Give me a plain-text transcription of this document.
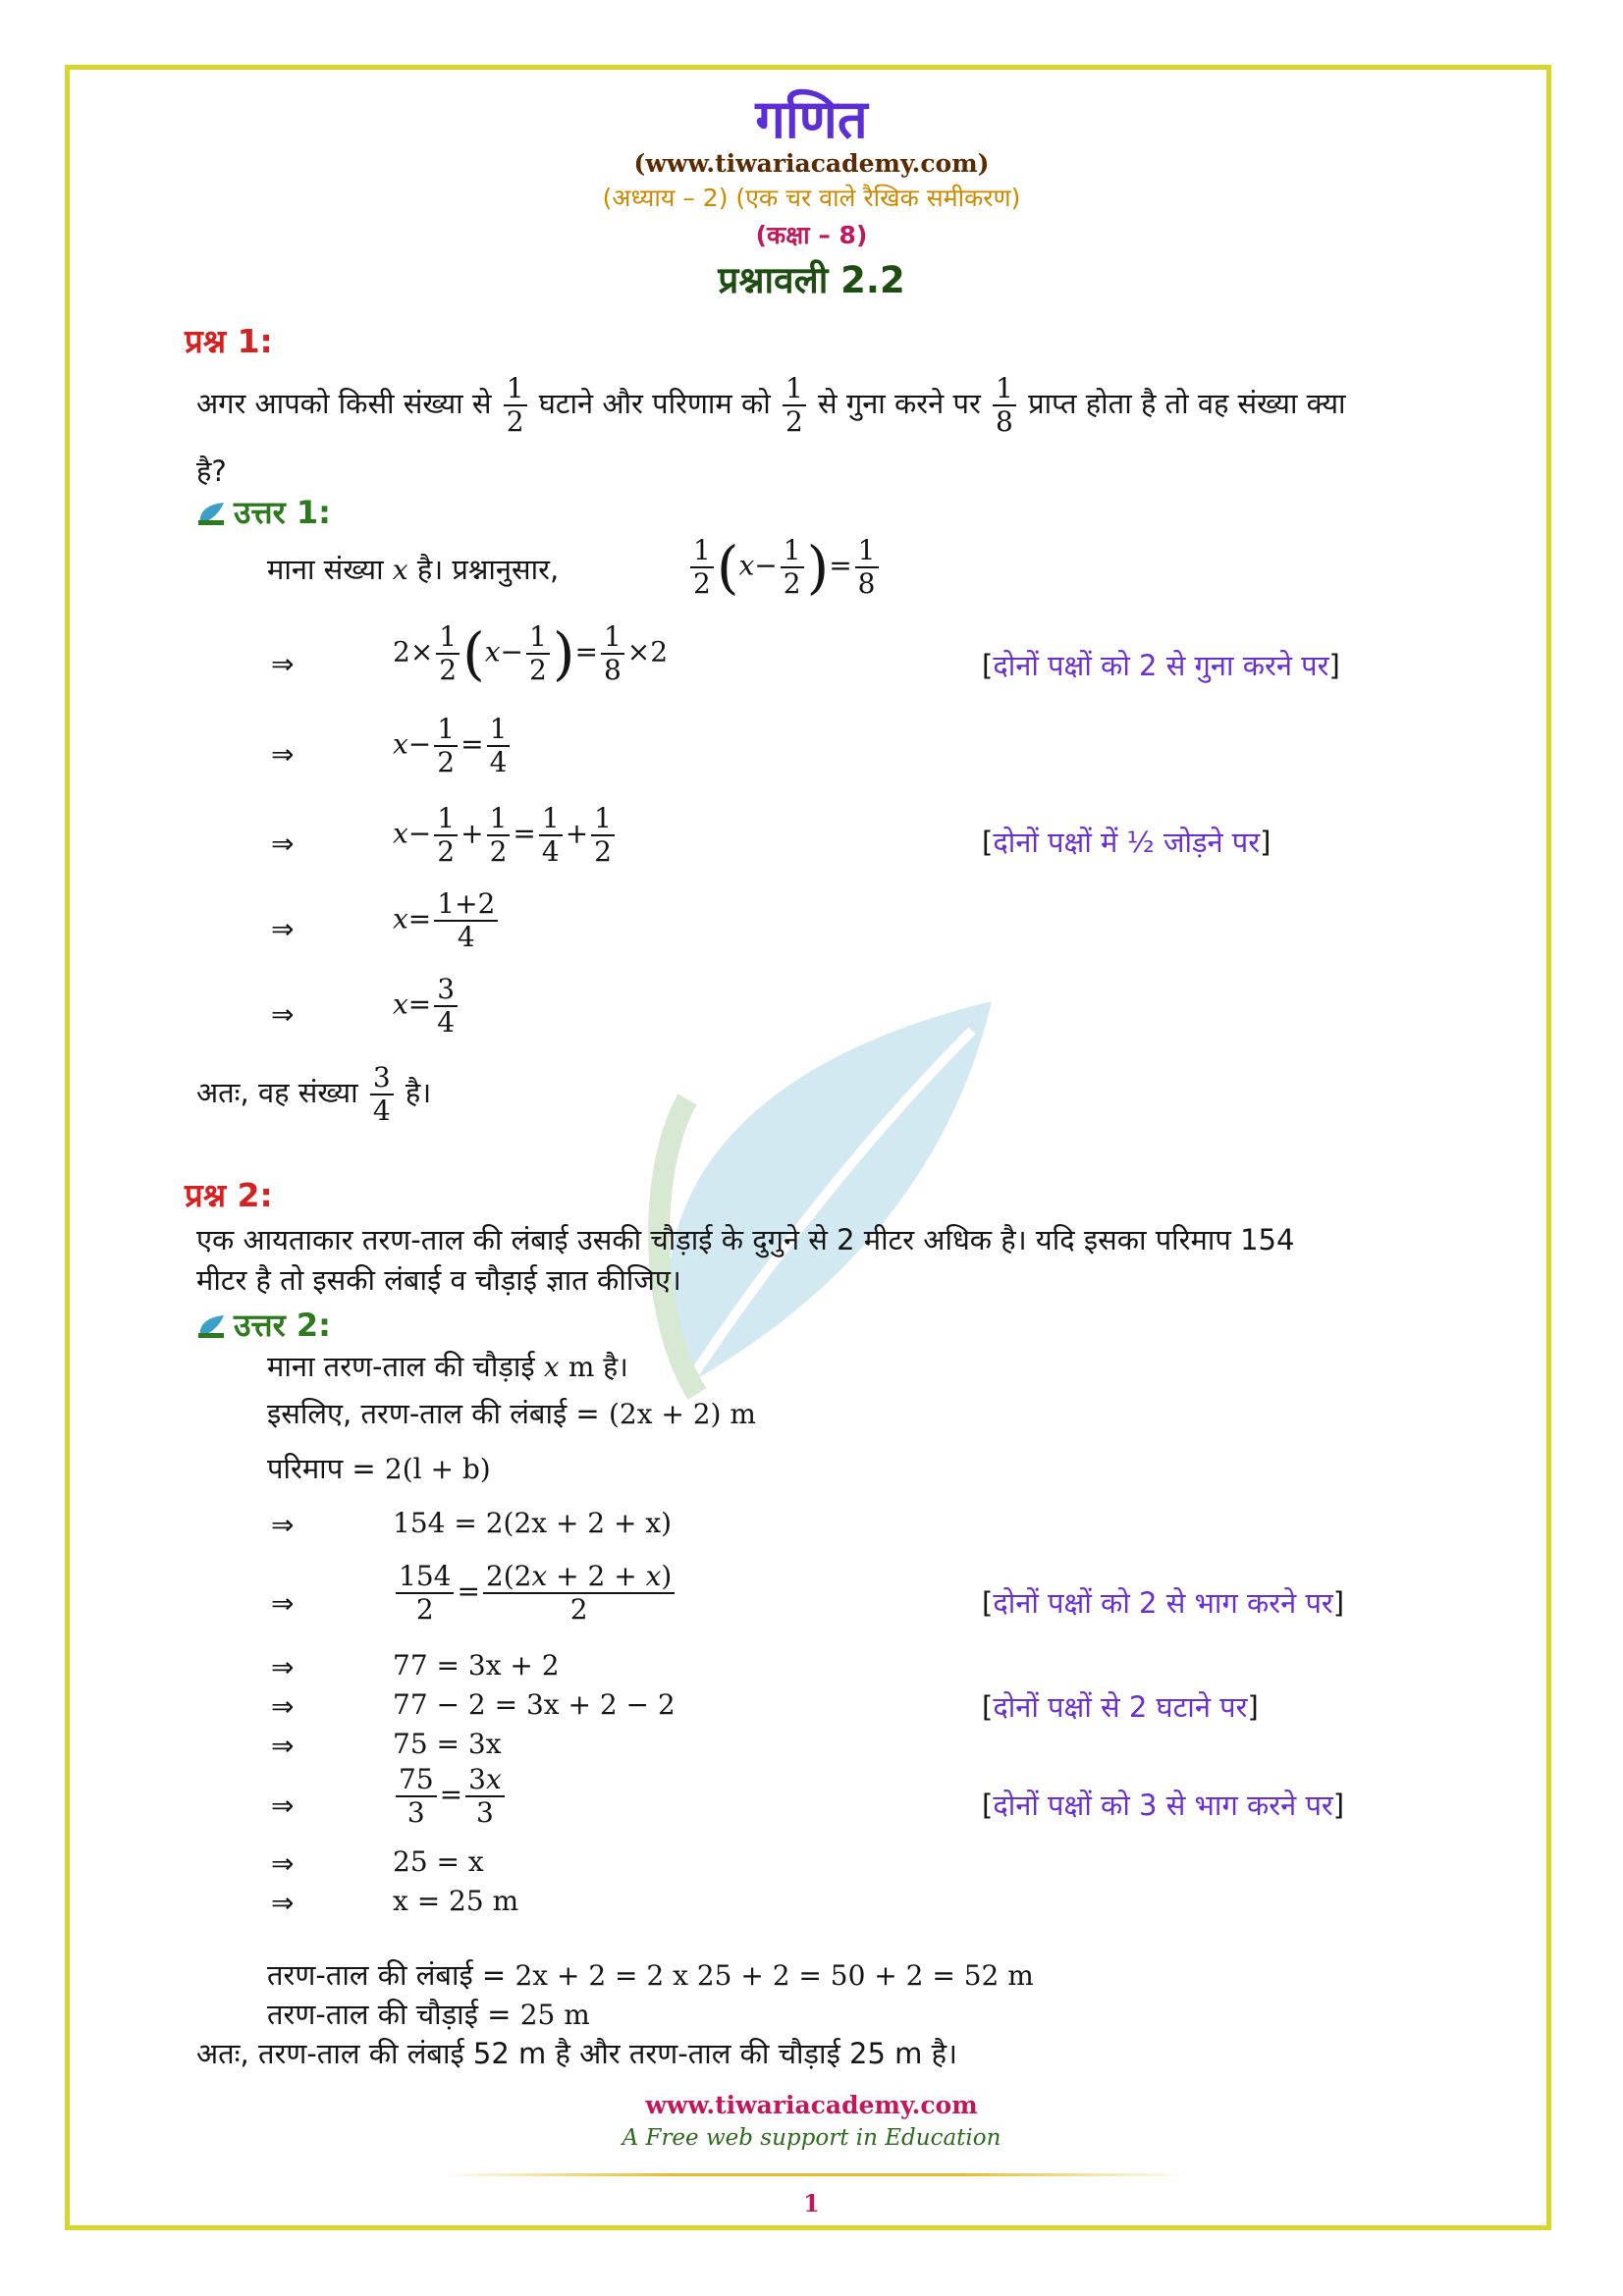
गणित
(www.tiwariacademy.com)
(अध्याय – 2) (एक चर वाले रैखिक समीकरण)
(कक्षा – 8)
प्रश्नावली 2.2
प्रश्न 1:
अगर आपको किसी संख्या से $\frac{1}{2}$ घटाने और परिणाम को $\frac{1}{2}$ से गुना करने पर $\frac{1}{8}$ प्राप्त होता है तो वह संख्या क्या
है?
उत्तर 1:
माना संख्या x है। प्रश्नानुसार,	$\frac{1}{2} (x- \frac{1}{2}$ )= $\frac{1}{8}$
⇒	$2\times \frac{1}{2} (x- \frac{1}{2}$ )= $\frac{1}{8} \times 2$	[दोनों पक्षों को 2 से गुना करने पर]
⇒	$x- \frac{1}{2} = \frac{1}{4}$
⇒	$x- \frac{1}{2} + \frac{1}{2} = \frac{1}{4} + \frac{1}{2}$	[दोनों पक्षों में ½ जोड़ने पर]
⇒	$x= \frac{1+2}{4}$
⇒	$x= \frac{3}{4}$
अतः, वह संख्या $\frac{3}{4}$ है।
प्रश्न 2:
एक आयताकार तरण-ताल की लंबाई उसकी चौड़ाई के दुगुने से 2 मीटर अधिक है। यदि इसका परिमाप 154
मीटर है तो इसकी लंबाई व चौड़ाई ज्ञात कीजिए।
उत्तर 2:
माना तरण-ताल की चौड़ाई x m है।
इसलिए, तरण-ताल की लंबाई = (2x + 2) m
परिमाप = 2(l + b)
⇒	154 = 2(2x + 2 + x)
⇒	$\frac{154}{2} = \frac{2(2x + 2 + x)}{2}$	[दोनों पक्षों को 2 से भाग करने पर]
⇒	77 = 3x + 2
⇒	77 − 2 = 3x + 2 − 2	[दोनों पक्षों से 2 घटाने पर]
⇒	75 = 3x
⇒	$\frac{75}{3} = \frac{3x}{3}$	[दोनों पक्षों को 3 से भाग करने पर]
⇒	25 = x
⇒	x = 25 m
तरण-ताल की लंबाई = 2x + 2 = 2 x 25 + 2 = 50 + 2 = 52 m
तरण-ताल की चौड़ाई = 25 m
अतः, तरण-ताल की लंबाई 52 m है और तरण-ताल की चौड़ाई 25 m है।
www.tiwariacademy.com
A Free web support in Education
1
